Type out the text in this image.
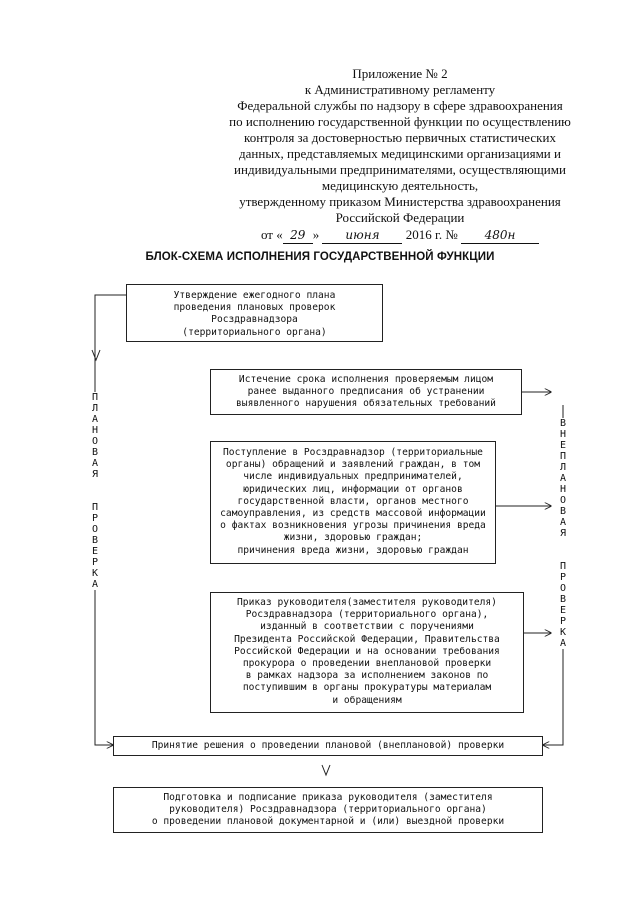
Приложение № 2
к Административному регламенту
Федеральной службы по надзору в сфере здравоохранения
по исполнению государственной функции по осуществлению
контроля за достоверностью первичных статистических
данных, представляемых медицинскими организациями и
индивидуальными предпринимателями, осуществляющими
медицинскую деятельность,
утвержденному приказом Министерства здравоохранения
Российской Федерации
от « 29 » июня 2016 г. № 480н
БЛОК-СХЕМА ИСПОЛНЕНИЯ ГОСУДАРСТВЕННОЙ ФУНКЦИИ
Утверждение ежегодного плана
проведения плановых проверок
Росздравнадзора
(территориального органа)
Истечение срока исполнения проверяемым лицом
ранее выданного предписания об устранении
выявленного нарушения обязательных требований
Поступление в Росздравнадзор (территориальные
органы) обращений и заявлений граждан, в том
числе индивидуальных предпринимателей,
юридических лиц, информации от органов
государственной власти, органов местного
самоуправления, из средств массовой информации
о фактах возникновения угрозы причинения вреда
жизни, здоровью граждан;
причинения вреда жизни, здоровью граждан
Приказ руководителя(заместителя руководителя)
Росздравнадзора (территориального органа),
изданный в соответствии с поручениями
Президента Российской Федерации, Правительства
Российской Федерации и на основании требования
прокурора о проведении внеплановой проверки
в рамках надзора за исполнением законов по
поступившим в органы прокуратуры материалам
и обращениям
Принятие решения о проведении плановой (внеплановой) проверки
Подготовка и подписание приказа руководителя (заместителя
руководителя) Росздравнадзора (территориального органа)
о проведении плановой документарной и (или) выездной проверки
П
Л
А
Н
О
В
А
Я

П
Р
О
В
Е
Р
К
А
В
Н
Е
П
Л
А
Н
О
В
А
Я

П
Р
О
В
Е
Р
К
А
